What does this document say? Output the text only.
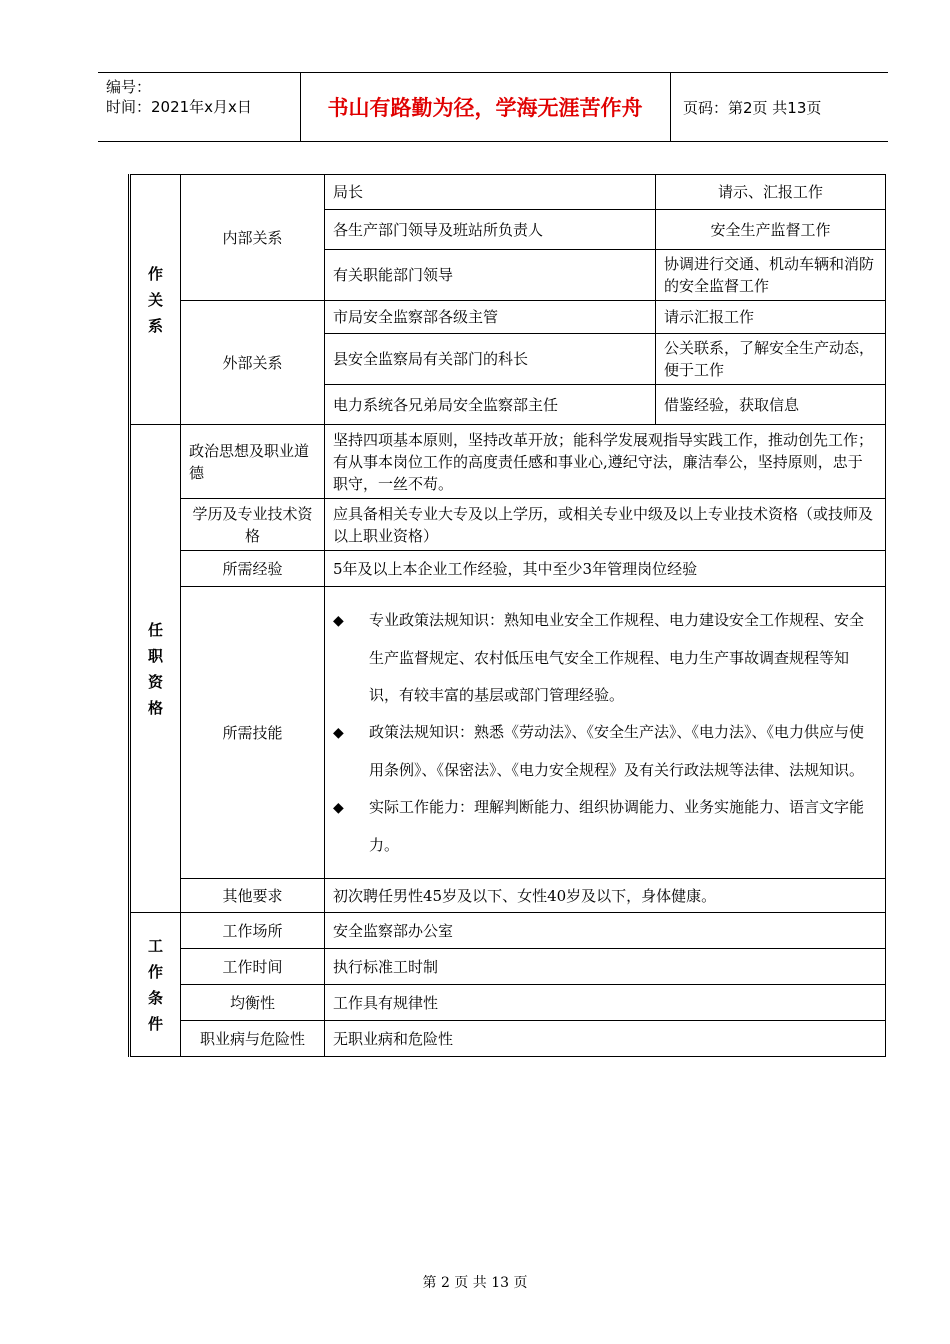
编号：
时间：2021年x月x日	书山有路勤为径，学海无涯苦作舟	页码：第2页 共13页
作关系	内部关系	局长	请示、汇报工作
		各生产部门领导及班站所负责人	安全生产监督工作
		有关职能部门领导	协调进行交通、机动车辆和消防的安全监督工作
	外部关系	市局安全监察部各级主管	请示汇报工作
		县安全监察局有关部门的科长	公关联系，了解安全生产动态，便于工作
		电力系统各兄弟局安全监察部主任	借鉴经验，获取信息
任职资格	政治思想及职业道德	坚持四项基本原则，坚持改革开放；能科学发展观指导实践工作，推动创先工作；有从事本岗位工作的高度责任感和事业心,遵纪守法，廉洁奉公，坚持原则，忠于职守，一丝不苟。	
	学历及专业技术资格	应具备相关专业大专及以上学历，或相关专业中级及以上专业技术资格（或技师及以上职业资格）	
	所需经验	5年及以上本企业工作经验，其中至少3年管理岗位经验	
	所需技能	◆ 专业政策法规知识：熟知电业安全工作规程、电力建设安全工作规程、安全生产监督规定、农村低压电气安全工作规程、电力生产事故调查规程等知识，有较丰富的基层或部门管理经验。

◆ 政策法规知识：熟悉《劳动法》、《安全生产法》、《电力法》、《电力供应与使用条例》、《保密法》、《电力安全规程》及有关行政法规等法律、法规知识。

◆ 实际工作能力：理解判断能力、组织协调能力、业务实施能力、语言文字能力。	

	其他要求	初次聘任男性45岁及以下、女性40岁及以下，身体健康。	
工作条件	工作场所	安全监察部办公室	
	工作时间	执行标准工时制	
	均衡性	工作具有规律性	
	职业病与危险性	无职业病和危险性	
第 2 页 共 13 页
